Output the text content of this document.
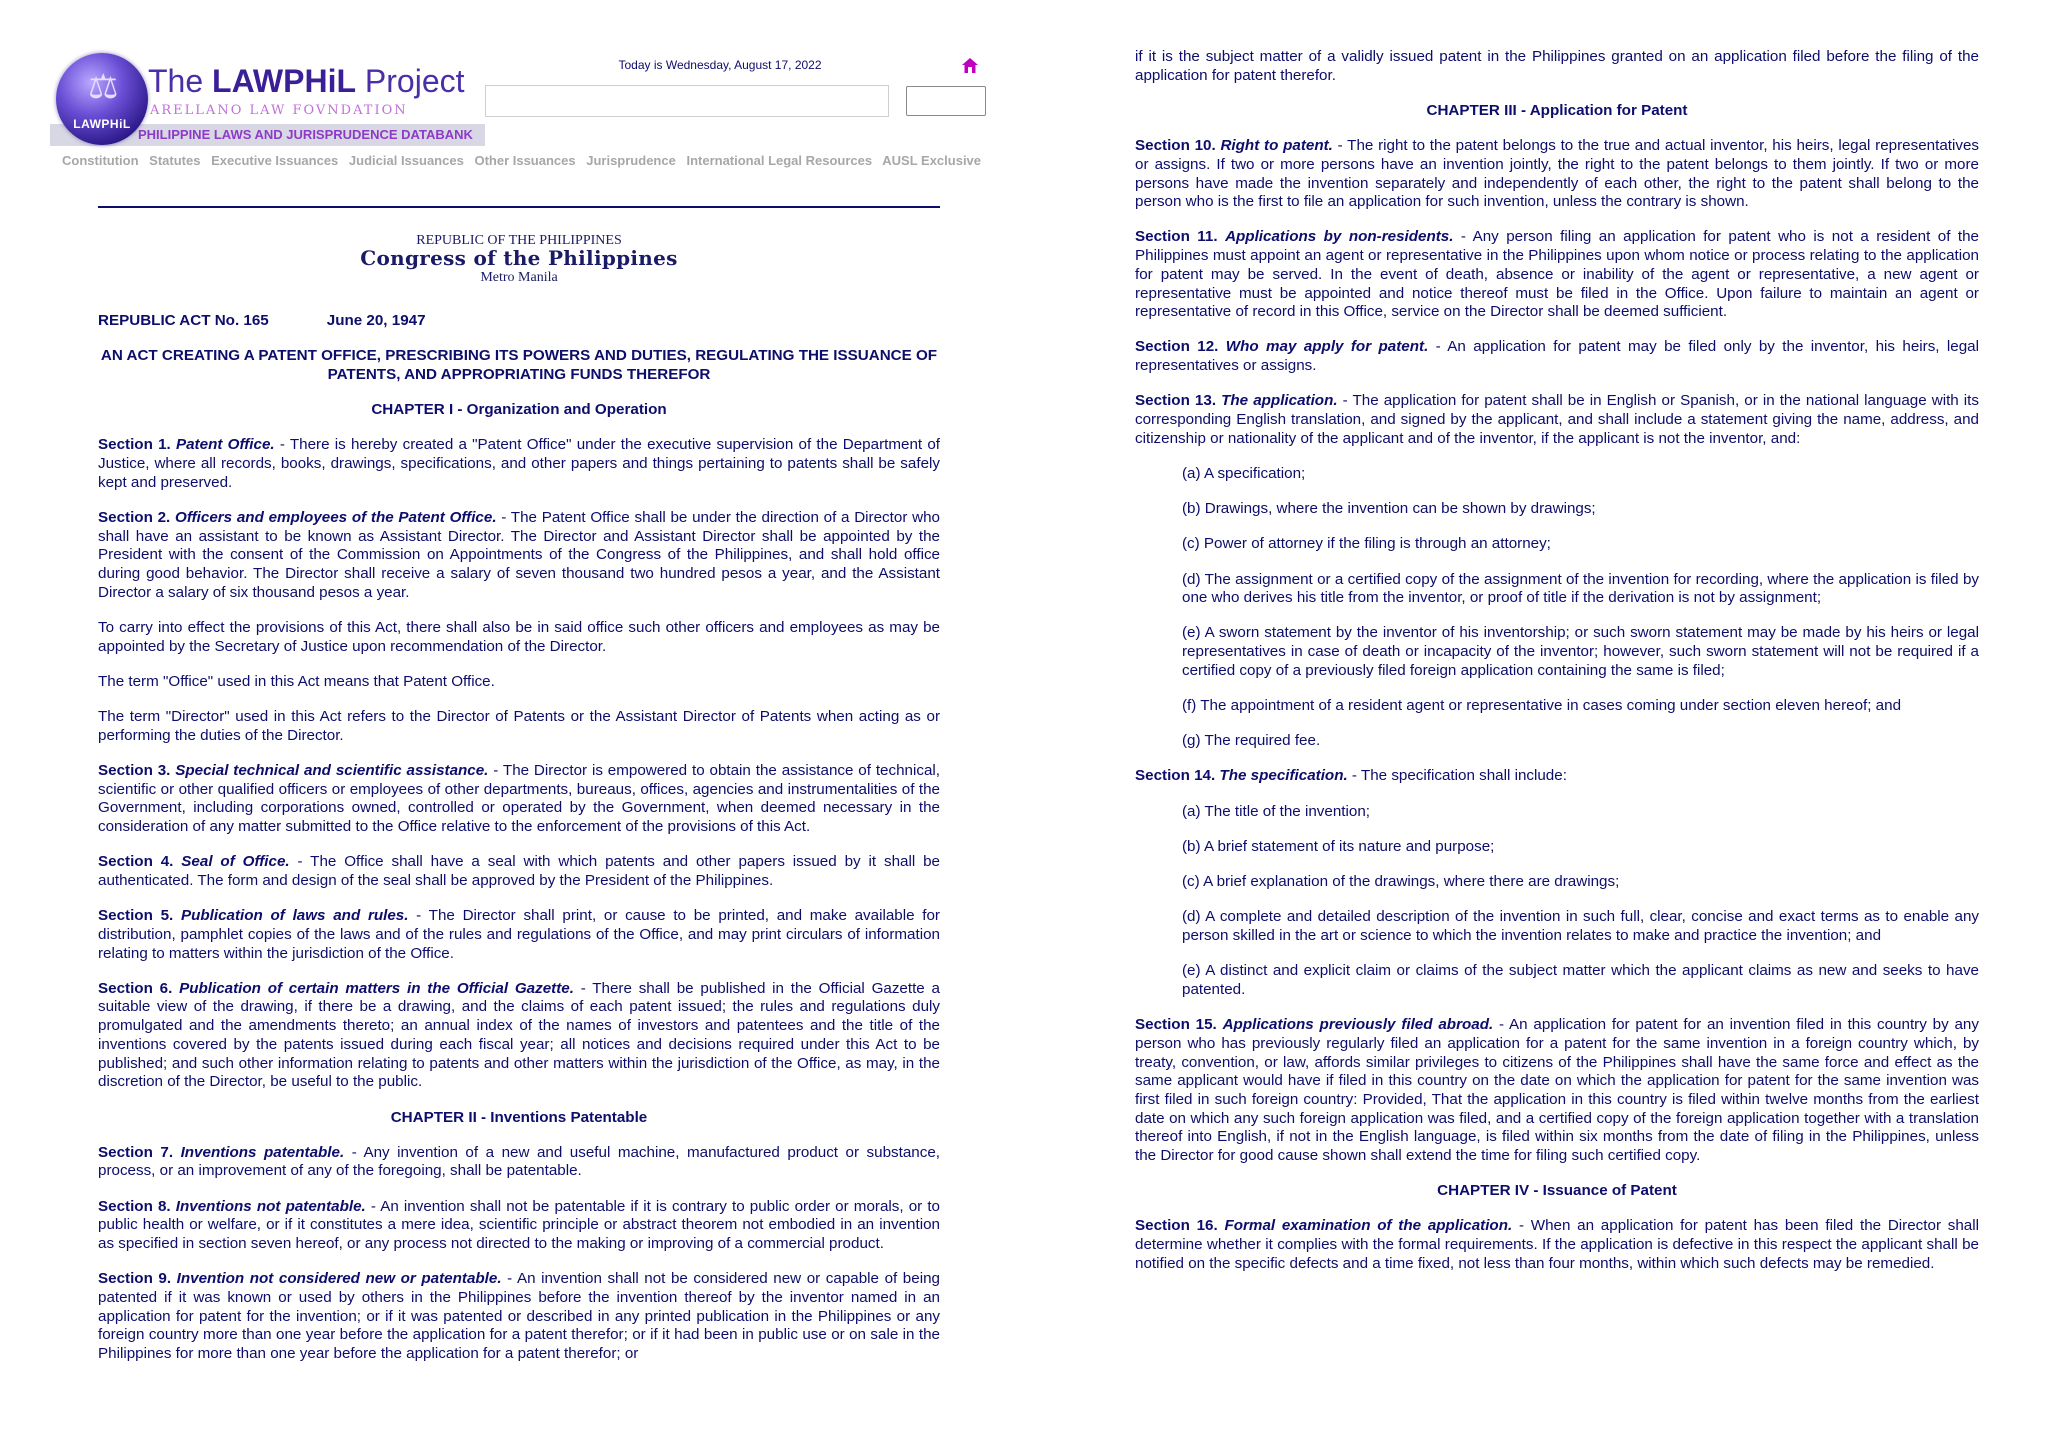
⚖
LAWPHiL
The LAWPHiL Project
ARELLANO LAW FOVNDATION
PHILIPPINE LAWS AND JURISPRUDENCE DATABANK
Today is Wednesday, August 17, 2022
Constitution Statutes Executive Issuances Judicial Issuances Other Issuances Jurisprudence International Legal Resources AUSL Exclusive
REPUBLIC OF THE PHILIPPINES
Congress of the Philippines
Metro Manila
REPUBLIC ACT No. 165	June 20, 1947
AN ACT CREATING A PATENT OFFICE, PRESCRIBING ITS POWERS AND DUTIES, REGULATING THE ISSUANCE OF PATENTS, AND APPROPRIATING FUNDS THEREFOR
CHAPTER I - Organization and Operation

Section 1. Patent Office. - There is hereby created a "Patent Office" under the executive supervision of the Department of Justice, where all records, books, drawings, specifications, and other papers and things pertaining to patents shall be safely kept and preserved.

Section 2. Officers and employees of the Patent Office. - The Patent Office shall be under the direction of a Director who shall have an assistant to be known as Assistant Director. The Director and Assistant Director shall be appointed by the President with the consent of the Commission on Appointments of the Congress of the Philippines, and shall hold office during good behavior. The Director shall receive a salary of seven thousand two hundred pesos a year, and the Assistant Director a salary of six thousand pesos a year.

To carry into effect the provisions of this Act, there shall also be in said office such other officers and employees as may be appointed by the Secretary of Justice upon recommendation of the Director.

The term "Office" used in this Act means that Patent Office.

The term "Director" used in this Act refers to the Director of Patents or the Assistant Director of Patents when acting as or performing the duties of the Director.

Section 3. Special technical and scientific assistance. - The Director is empowered to obtain the assistance of technical, scientific or other qualified officers or employees of other departments, bureaus, offices, agencies and instrumentalities of the Government, including corporations owned, controlled or operated by the Government, when deemed necessary in the consideration of any matter submitted to the Office relative to the enforcement of the provisions of this Act.

Section 4. Seal of Office. - The Office shall have a seal with which patents and other papers issued by it shall be authenticated. The form and design of the seal shall be approved by the President of the Philippines.

Section 5. Publication of laws and rules. - The Director shall print, or cause to be printed, and make available for distribution, pamphlet copies of the laws and of the rules and regulations of the Office, and may print circulars of information relating to matters within the jurisdiction of the Office.

Section 6. Publication of certain matters in the Official Gazette. - There shall be published in the Official Gazette a suitable view of the drawing, if there be a drawing, and the claims of each patent issued; the rules and regulations duly promulgated and the amendments thereto; an annual index of the names of investors and patentees and the title of the inventions covered by the patents issued during each fiscal year; all notices and decisions required under this Act to be published; and such other information relating to patents and other matters within the jurisdiction of the Office, as may, in the discretion of the Director, be useful to the public.

CHAPTER II - Inventions Patentable

Section 7. Inventions patentable. - Any invention of a new and useful machine, manufactured product or substance, process, or an improvement of any of the foregoing, shall be patentable.

Section 8. Inventions not patentable. - An invention shall not be patentable if it is contrary to public order or morals, or to public health or welfare, or if it constitutes a mere idea, scientific principle or abstract theorem not embodied in an invention as specified in section seven hereof, or any process not directed to the making or improving of a commercial product.

Section 9. Invention not considered new or patentable. - An invention shall not be considered new or capable of being patented if it was known or used by others in the Philippines before the invention thereof by the inventor named in an application for patent for the invention; or if it was patented or described in any printed publication in the Philippines or any foreign country more than one year before the application for a patent therefor; or if it had been in public use or on sale in the Philippines for more than one year before the application for a patent therefor; or

if it is the subject matter of a validly issued patent in the Philippines granted on an application filed before the filing of the application for patent therefor.

CHAPTER III - Application for Patent

Section 10. Right to patent. - The right to the patent belongs to the true and actual inventor, his heirs, legal representatives or assigns. If two or more persons have an invention jointly, the right to the patent belongs to them jointly. If two or more persons have made the invention separately and independently of each other, the right to the patent shall belong to the person who is the first to file an application for such invention, unless the contrary is shown.

Section 11. Applications by non-residents. - Any person filing an application for patent who is not a resident of the Philippines must appoint an agent or representative in the Philippines upon whom notice or process relating to the application for patent may be served. In the event of death, absence or inability of the agent or representative, a new agent or representative must be appointed and notice thereof must be filed in the Office. Upon failure to maintain an agent or representative of record in this Office, service on the Director shall be deemed sufficient.

Section 12. Who may apply for patent. - An application for patent may be filed only by the inventor, his heirs, legal representatives or assigns.

Section 13. The application. - The application for patent shall be in English or Spanish, or in the national language with its corresponding English translation, and signed by the applicant, and shall include a statement giving the name, address, and citizenship or nationality of the applicant and of the inventor, if the applicant is not the inventor, and:

(a) A specification;

(b) Drawings, where the invention can be shown by drawings;

(c) Power of attorney if the filing is through an attorney;

(d) The assignment or a certified copy of the assignment of the invention for recording, where the application is filed by one who derives his title from the inventor, or proof of title if the derivation is not by assignment;

(e) A sworn statement by the inventor of his inventorship; or such sworn statement may be made by his heirs or legal representatives in case of death or incapacity of the inventor; however, such sworn statement will not be required if a certified copy of a previously filed foreign application containing the same is filed;

(f) The appointment of a resident agent or representative in cases coming under section eleven hereof; and

(g) The required fee.

Section 14. The specification. - The specification shall include:

(a) The title of the invention;

(b) A brief statement of its nature and purpose;

(c) A brief explanation of the drawings, where there are drawings;

(d) A complete and detailed description of the invention in such full, clear, concise and exact terms as to enable any person skilled in the art or science to which the invention relates to make and practice the invention; and

(e) A distinct and explicit claim or claims of the subject matter which the applicant claims as new and seeks to have patented.

Section 15. Applications previously filed abroad. - An application for patent for an invention filed in this country by any person who has previously regularly filed an application for a patent for the same invention in a foreign country which, by treaty, convention, or law, affords similar privileges to citizens of the Philippines shall have the same force and effect as the same applicant would have if filed in this country on the date on which the application for patent for the same invention was first filed in such foreign country: Provided, That the application in this country is filed within twelve months from the earliest date on which any such foreign application was filed, and a certified copy of the foreign application together with a translation thereof into English, if not in the English language, is filed within six months from the date of filing in the Philippines, unless the Director for good cause shown shall extend the time for filing such certified copy.

CHAPTER IV - Issuance of Patent

Section 16. Formal examination of the application. - When an application for patent has been filed the Director shall determine whether it complies with the formal requirements. If the application is defective in this respect the applicant shall be notified on the specific defects and a time fixed, not less than four months, within which such defects may be remedied.
